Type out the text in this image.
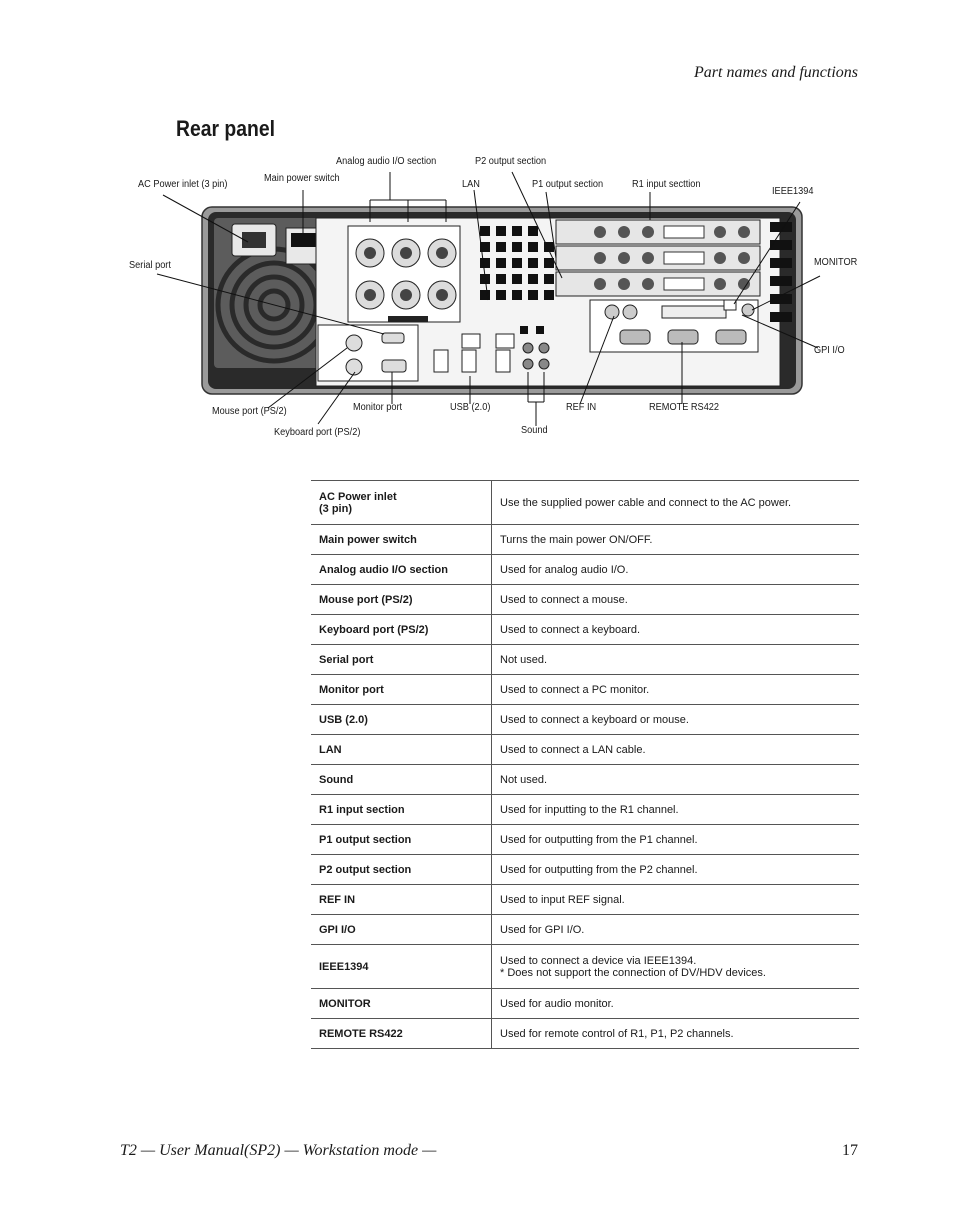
Part names and functions
Rear panel
Analog audio I/O section	P2 output section
AC Power inlet (3 pin)
Main power switch
LAN	P1 output section	R1 input secttion
IEEE1394
Serial port	MONITOR
GPI I/O
Mouse port (PS/2)	Monitor port	USB (2.0)	REF IN	REMOTE RS422
Keyboard port (PS/2)	Sound
AC Power inlet
(3 pin)	Use the supplied power cable and connect to the AC power.
Main power switch	Turns the main power ON/OFF.
Analog audio I/O section	Used for analog audio I/O.
Mouse port (PS/2)	Used to connect a mouse.
Keyboard port (PS/2)	Used to connect a keyboard.
Serial port	Not used.
Monitor port	Used to connect a PC monitor.
USB (2.0)	Used to connect a keyboard or mouse.
LAN	Used to connect a LAN cable.
Sound	Not used.
R1 input section	Used for inputting to the R1 channel.
P1 output section	Used for outputting from the P1 channel.
P2 output section	Used for outputting from the P2 channel.
REF IN	Used to input REF signal.
GPI I/O	Used for GPI I/O.
IEEE1394	Used to connect a device via IEEE1394.
* Does not support the connection of DV/HDV devices.
MONITOR	Used for audio monitor.
REMOTE RS422	Used for remote control of R1, P1, P2 channels.
T2 — User Manual(SP2) — Workstation mode —	17
